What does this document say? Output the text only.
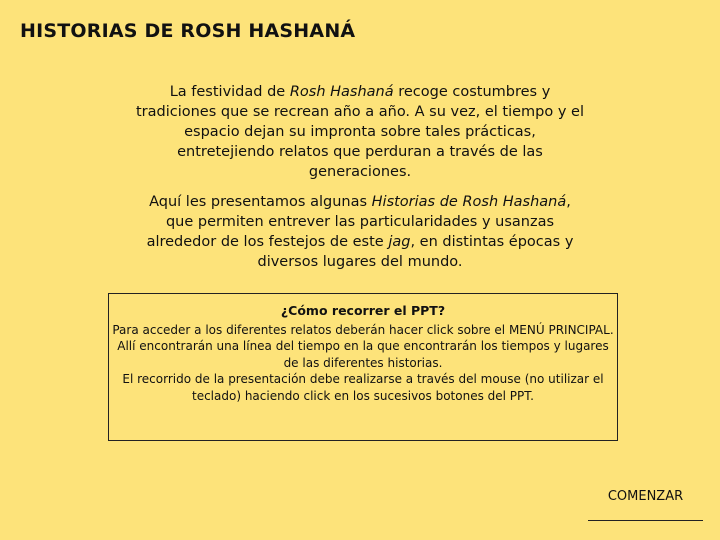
HISTORIAS DE ROSH HASHANÁ

La festividad de Rosh Hashaná recoge costumbres y tradiciones que se recrean año a año. A su vez, el tiempo y el espacio dejan su impronta sobre tales prácticas, entretejiendo relatos que perduran a través de las generaciones.

Aquí les presentamos algunas Historias de Rosh Hashaná, que permiten entrever las particularidades y usanzas alrededor de los festejos de este jag, en distintas épocas y diversos lugares del mundo.

¿Cómo recorrer el PPT?
Para acceder a los diferentes relatos deberán hacer click sobre el MENÚ PRINCIPAL.
Allí encontrarán una línea del tiempo en la que encontrarán los tiempos y lugares de las diferentes historias.
El recorrido de la presentación debe realizarse a través del mouse (no utilizar el teclado) haciendo click en los sucesivos botones del PPT.
COMENZAR
